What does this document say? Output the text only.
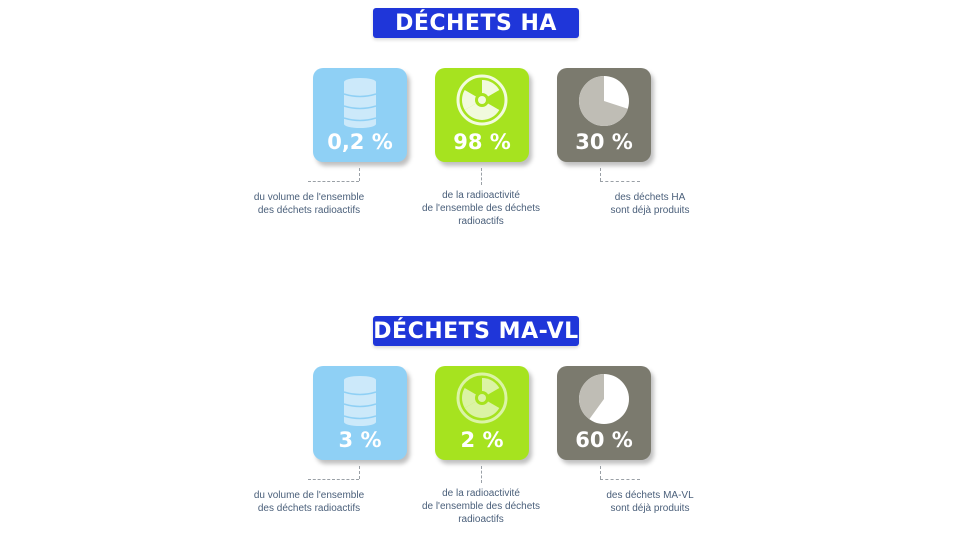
DÉCHETS HA
0,2 %
du volume de l'ensemble
des déchets radioactifs
98 %
de la radioactivité
de l'ensemble des déchets
radioactifs
30 %
des déchets HA
sont déjà produits
DÉCHETS MA-VL
3 %
du volume de l'ensemble
des déchets radioactifs
2 %
de la radioactivité
de l'ensemble des déchets
radioactifs
60 %
des déchets MA-VL
sont déjà produits
